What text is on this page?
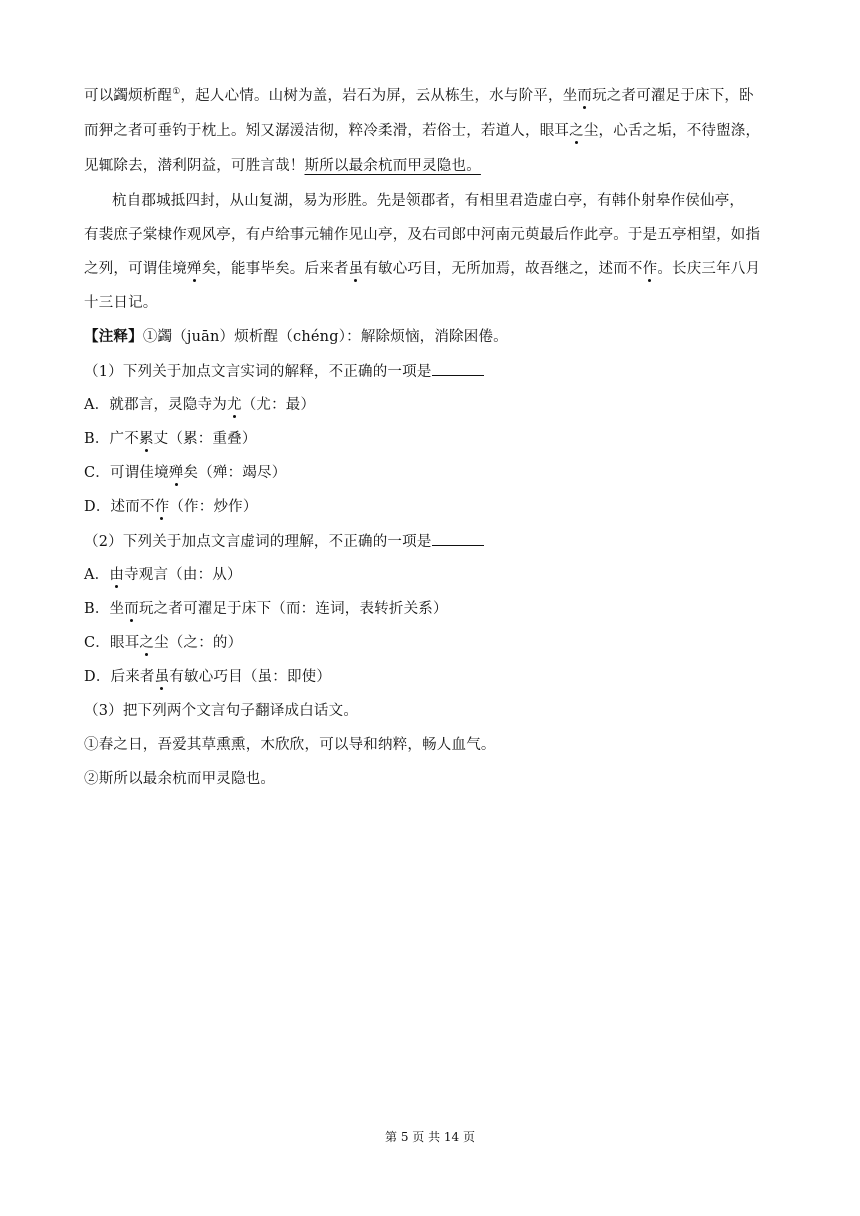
可以蠲烦析酲①，起人心情。山树为盖，岩石为屏，云从栋生，水与阶平，坐而玩之者可濯足于床下，卧
而狎之者可垂钓于枕上。矧又潺湲洁彻，粹冷柔滑，若俗士，若道人，眼耳之尘，心舌之垢，不待盥涤，
见辄除去，潜利阴益，可胜言哉！斯所以最余杭而甲灵隐也。
杭自郡城抵四封，从山复湖，易为形胜。先是领郡者，有相里君造虚白亭，有韩仆射皋作侯仙亭，
有裴庶子棠棣作观风亭，有卢给事元辅作见山亭，及右司郎中河南元萸最后作此亭。于是五亭相望，如指
之列，可谓佳境殚矣，能事毕矣。后来者虽有敏心巧目，无所加焉，故吾继之，述而不作。长庆三年八月
十三日记。
【注释】①蠲（juān）烦析酲（chéng）：解除烦恼，消除困倦。
（1）下列关于加点文言实词的解释，不正确的一项是
A．就郡言，灵隐寺为尤（尤：最）
B．广不累丈（累：重叠）
C．可谓佳境殚矣（殚：竭尽）
D．述而不作（作：炒作）
（2）下列关于加点文言虚词的理解，不正确的一项是
A．由寺观言（由：从）
B．坐而玩之者可濯足于床下（而：连词，表转折关系）
C．眼耳之尘（之：的）
D．后来者虽有敏心巧目（虽：即使）
（3）把下列两个文言句子翻译成白话文。
①春之日，吾爱其草熏熏，木欣欣，可以导和纳粹，畅人血气。
②斯所以最余杭而甲灵隐也。
第 5 页 共 14 页
